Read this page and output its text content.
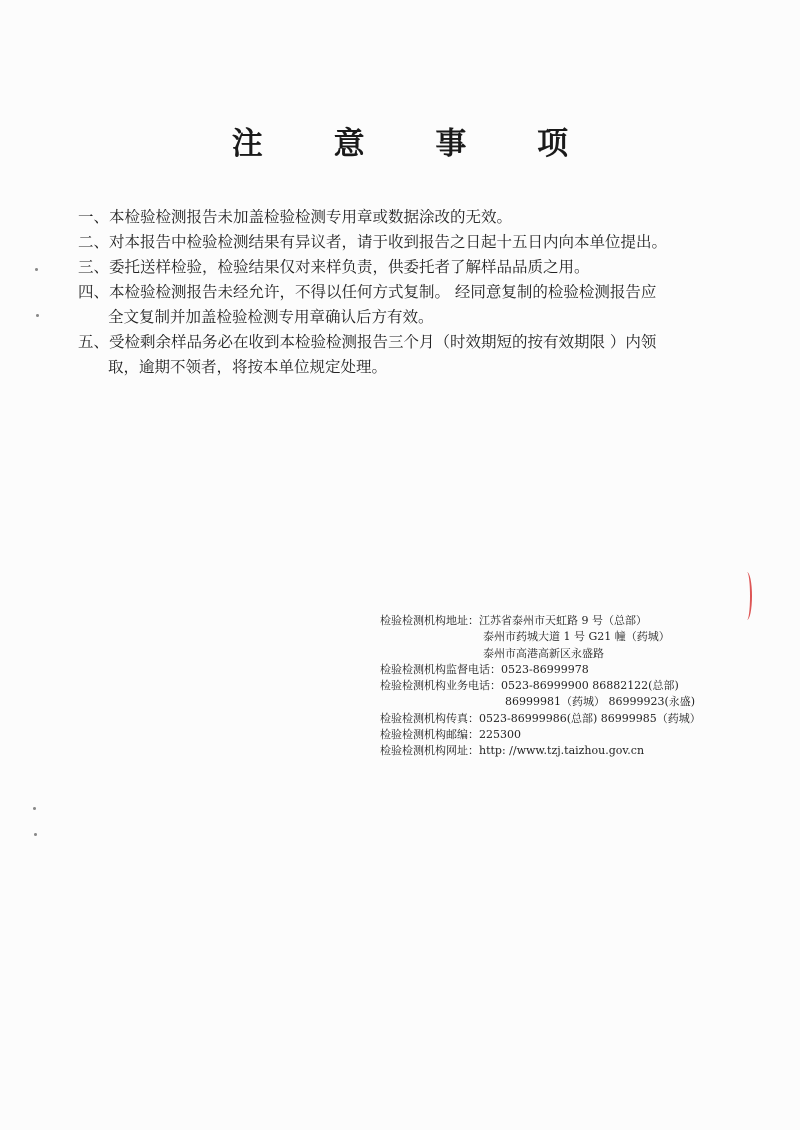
注 意 事 项
一、本检验检测报告未加盖检验检测专用章或数据涂改的无效。
二、对本报告中检验检测结果有异议者，请于收到报告之日起十五日内向本单位提出。
三、委托送样检验，检验结果仅对来样负责，供委托者了解样品品质之用。
四、本检验检测报告未经允许，不得以任何方式复制。 经同意复制的检验检测报告应
全文复制并加盖检验检测专用章确认后方有效。
五、受检剩余样品务必在收到本检验检测报告三个月（时效期短的按有效期限 ）内领
取，逾期不领者，将按本单位规定处理。
检验检测机构地址： 江苏省泰州市天虹路 9 号（总部）
泰州市药城大道 1 号 G21 幢（药城）
泰州市高港高新区永盛路
检验检测机构监督电话： 0523-86999978
检验检测机构业务电话： 0523-86999900 86882122(总部)
86999981（药城） 86999923(永盛)
检验检测机构传真： 0523-86999986(总部) 86999985（药城）
检验检测机构邮编： 225300
检验检测机构网址： http: //www.tzj.taizhou.gov.cn
